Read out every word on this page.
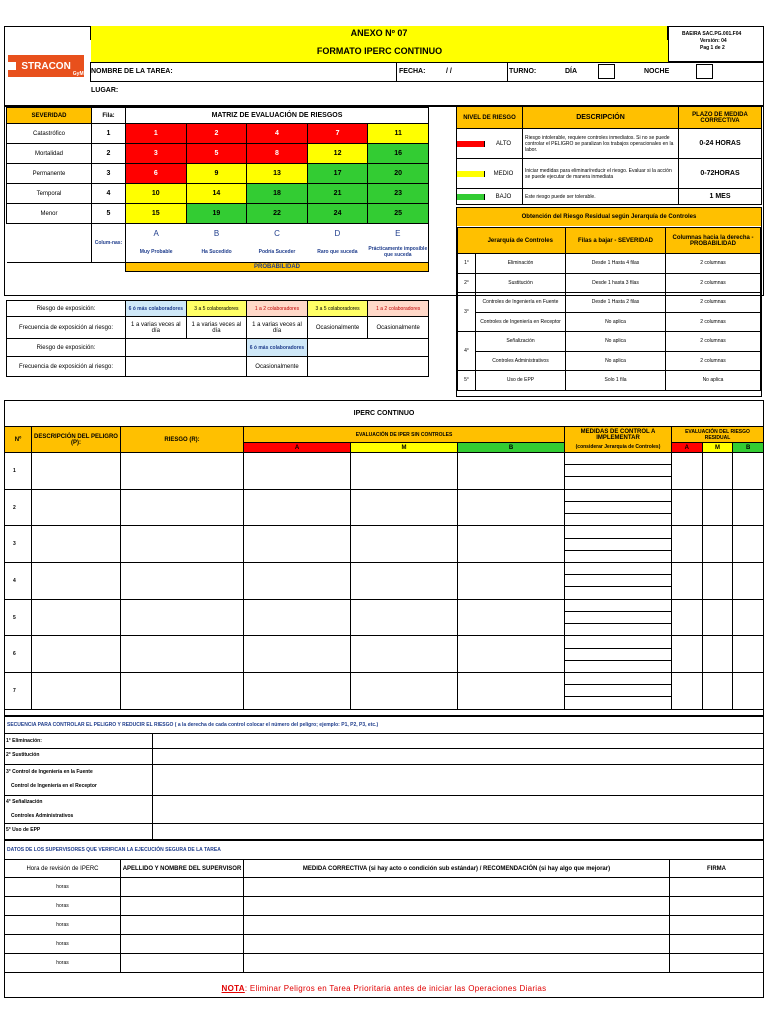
STRACON
GyM
ANEXO Nº 07
FORMATO IPERC CONTINUO
BAEIRA SAC.PG.001.F04
Versión: 04
Pag 1 de 2
NOMBRE DE LA TAREA:	FECHA:	/ /	TURNO:	DÍA	NOCHE
LUGAR:
SEVERIDAD	Fila:	MATRIZ DE EVALUACIÓN DE RIESGOS
Catastrófico	1	1	2	4	7	11
Mortalidad	2	3	5	8	12	16
Permanente	3	6	9	13	17	20
Temporal	4	10	14	18	21	23
Menor	5	15	19	22	24	25
	Colum-nas:	
A	B	C	D	E
Muy Probable	Ha Sucedido	Podría Suceder	Raro que suceda	Prácticamente imposible que suceda

		PROBABILIDAD
NIVEL DE RIESGO	DESCRIPCIÓN	PLAZO DE MEDIDA CORRECTIVA

ALTO	Riesgo intolerable, requiere controles inmediatos. Si no se puede controlar el PELIGRO se paralizan los trabajos operacionales en la labor.	0-24 HORAS

MEDIO	Iniciar medidas para eliminar/reducir el riesgo. Evaluar si la acción se puede ejecutar de manera inmediata	0-72HORAS

BAJO	Este riesgo puede ser tolerable.	1 MES
Obtención del Riesgo Residual según Jerarquía de Controles
	Jerarquía de Controles	Filas a bajar - SEVERIDAD	Columnas hacia la derecha - PROBABILIDAD
1°	Eliminación	Desde 1 Hasta 4 filas	2 columnas
2°	Sustitución	Desde 1 hasta 3 filas	2 columnas
3°	Controles de Ingeniería en Fuente	Desde 1 Hasta 2 filas	2 columnas
	Controles de Ingeniería en Receptor	No aplica	2 columnas
4°	Señalización	No aplica	2 columnas
	Controles Administrativos	No aplica	2 columnas
5°	Uso de EPP	Solo 1 fila	No aplica
Riesgo de exposición:	6 ó más colaboradores	3 a 5 colaboradores	1 a 2 colaboradores	3 a 5 colaboradores	1 a 2 colaboradores
Frecuencia de exposición al riesgo:	1 a varias veces al día	1 a varias veces al día	1 a varias veces al día	Ocasionalmente	Ocasionalmente
Riesgo de exposición:			6 ó más colaboradores		
Frecuencia de exposición al riesgo:			Ocasionalmente		
IPERC CONTINUO
Nº	DESCRIPCIÓN DEL PELIGRO (P):	RIESGO (R):	EVALUACIÓN DE IPER SIN CONTROLES			MEDIDAS DE CONTROL A IMPLEMENTAR	EVALUACIÓN DEL RIESGO RESIDUAL		
			A	M	B	(considerar Jerarquía de Controles)	A	M	B
1						

2						

3						

4						

5						

6						

7						

SECUENCIA PARA CONTROLAR EL PELIGRO Y REDUCIR EL RIESGO ( a la derecha de cada control colocar el número del peligro; ejemplo: P1, P2, P3, etc.)
1° Eliminación:
2° Sustitución
3° Control de Ingeniería en la Fuente
Control de Ingeniería en el Receptor
4° Señalización
Controles Administrativos
5° Uso de EPP
DATOS DE LOS SUPERVISORES QUE VERIFICAN LA EJECUCIÓN SEGURA DE LA TAREA
Hora de revisión de IPERC	APELLIDO Y NOMBRE DEL SUPERVISOR	MEDIDA CORRECTIVA (si hay acto o condición sub estándar) / RECOMENDACIÓN (si hay algo que mejorar)	FIRMA
horas			
horas			
horas			
horas			
horas			
NOTA : Eliminar Peligros en Tarea Prioritaria antes de iniciar las Operaciones Diarias
